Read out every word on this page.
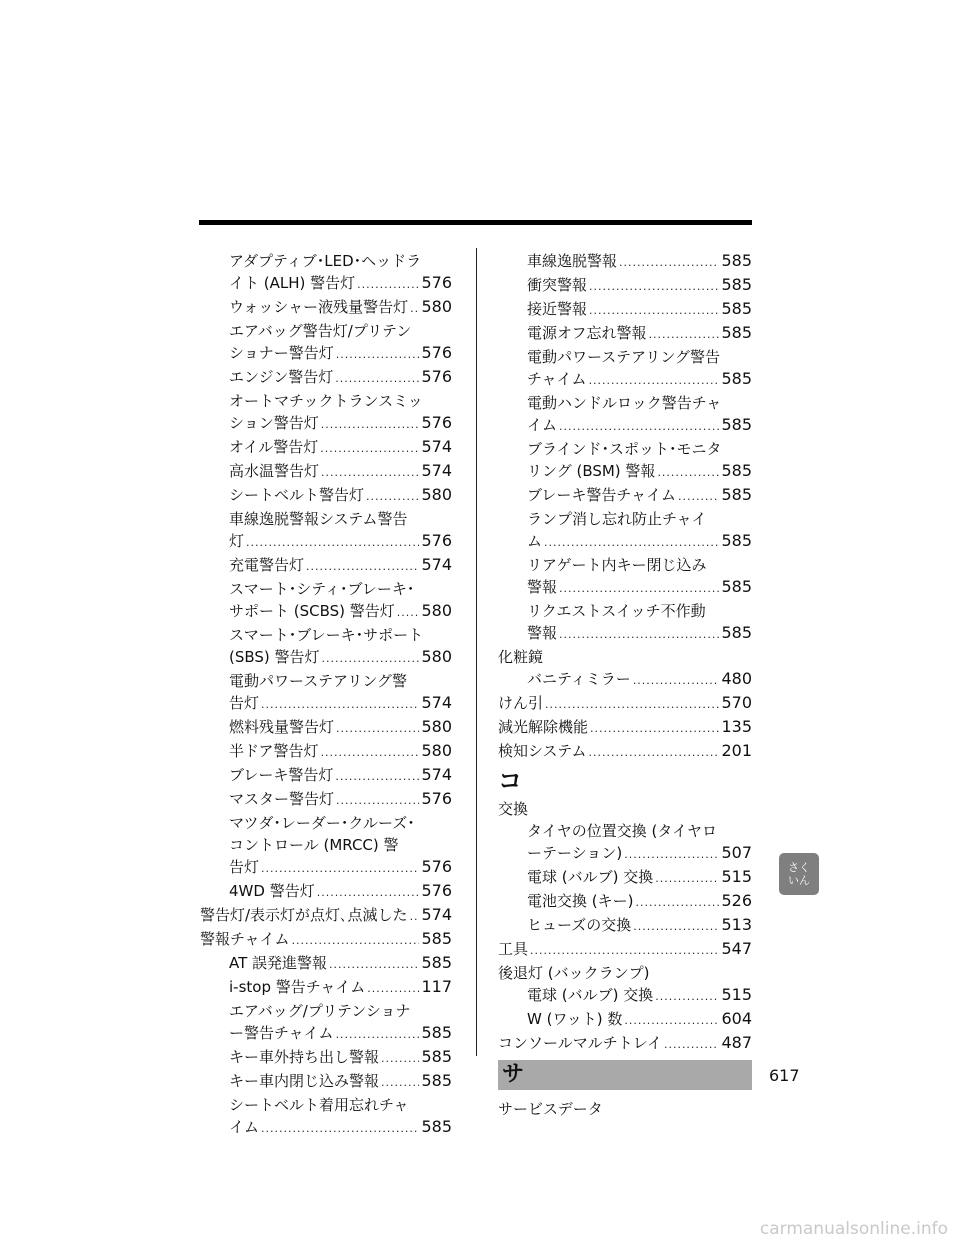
アダプティブ･LED･ヘッドラ
イト (ALH) 警告灯 .....	576
ウォッシャー液残量警告灯 ..... 580
エアバッグ警告灯/プリテン
ショナー警告灯 .....	576
エンジン警告灯 .....	576
オートマチックトランスミッ
ション警告灯 .....	576
オイル警告灯 .....	574
高水温警告灯 .....	574
シートベルト警告灯 .....	580
車線逸脱警報システム警告
灯 .....	576
充電警告灯 .....	574
スマート･シティ･ブレーキ･
サポート (SCBS) 警告灯 ..... 580
スマート･ブレーキ･サポート
(SBS) 警告灯 .....	580
電動パワーステアリング警
告灯 .....	574
燃料残量警告灯 .....	580
半ドア警告灯 .....	580
ブレーキ警告灯 .....	574
マスター警告灯 .....	576
マツダ･レーダー･クルーズ･
コントロール (MRCC) 警
告灯 .....	576
4WD 警告灯 .....	576
警告灯/表示灯が点灯､点滅した ..... 574
警報チャイム .....	585
AT 誤発進警報 .....	585
i-stop 警告チャイム .....	117
エアバッグ/プリテンショナ
ー警告チャイム .....	585
キー車外持ち出し警報 .....	585
キー車内閉じ込み警報 .....	585
シートベルト着用忘れチャ
イム .....	585
車線逸脱警報 .....	585
衝突警報 .....	585
接近警報 .....	585
電源オフ忘れ警報 .....	585
電動パワーステアリング警告
チャイム .....	585
電動ハンドルロック警告チャ
イム .....	585
ブラインド･スポット･モニタ
リング (BSM) 警報 .....	585
ブレーキ警告チャイム .....	585
ランプ消し忘れ防止チャイ
ム .....	585
リアゲート内キー閉じ込み
警報 .....	585
リクエストスイッチ不作動
警報 .....	585
化粧鏡
バニティミラー .....	480
けん引 .....	570
減光解除機能 .....	135
検知システム .....	201
コ
交換
タイヤの位置交換 (タイヤロ
ーテーション) .....	507
電球 (バルブ) 交換 .....	515
電池交換 (キー) .....	526
ヒューズの交換 .....	513
工具 .....	547
後退灯 (バックランプ)
電球 (バルブ) 交換 .....	515
W (ワット) 数 .....	604
コンソールマルチトレイ .....	487
サ
サービスデータ
さく
いん
617
carmanualsonline.info
